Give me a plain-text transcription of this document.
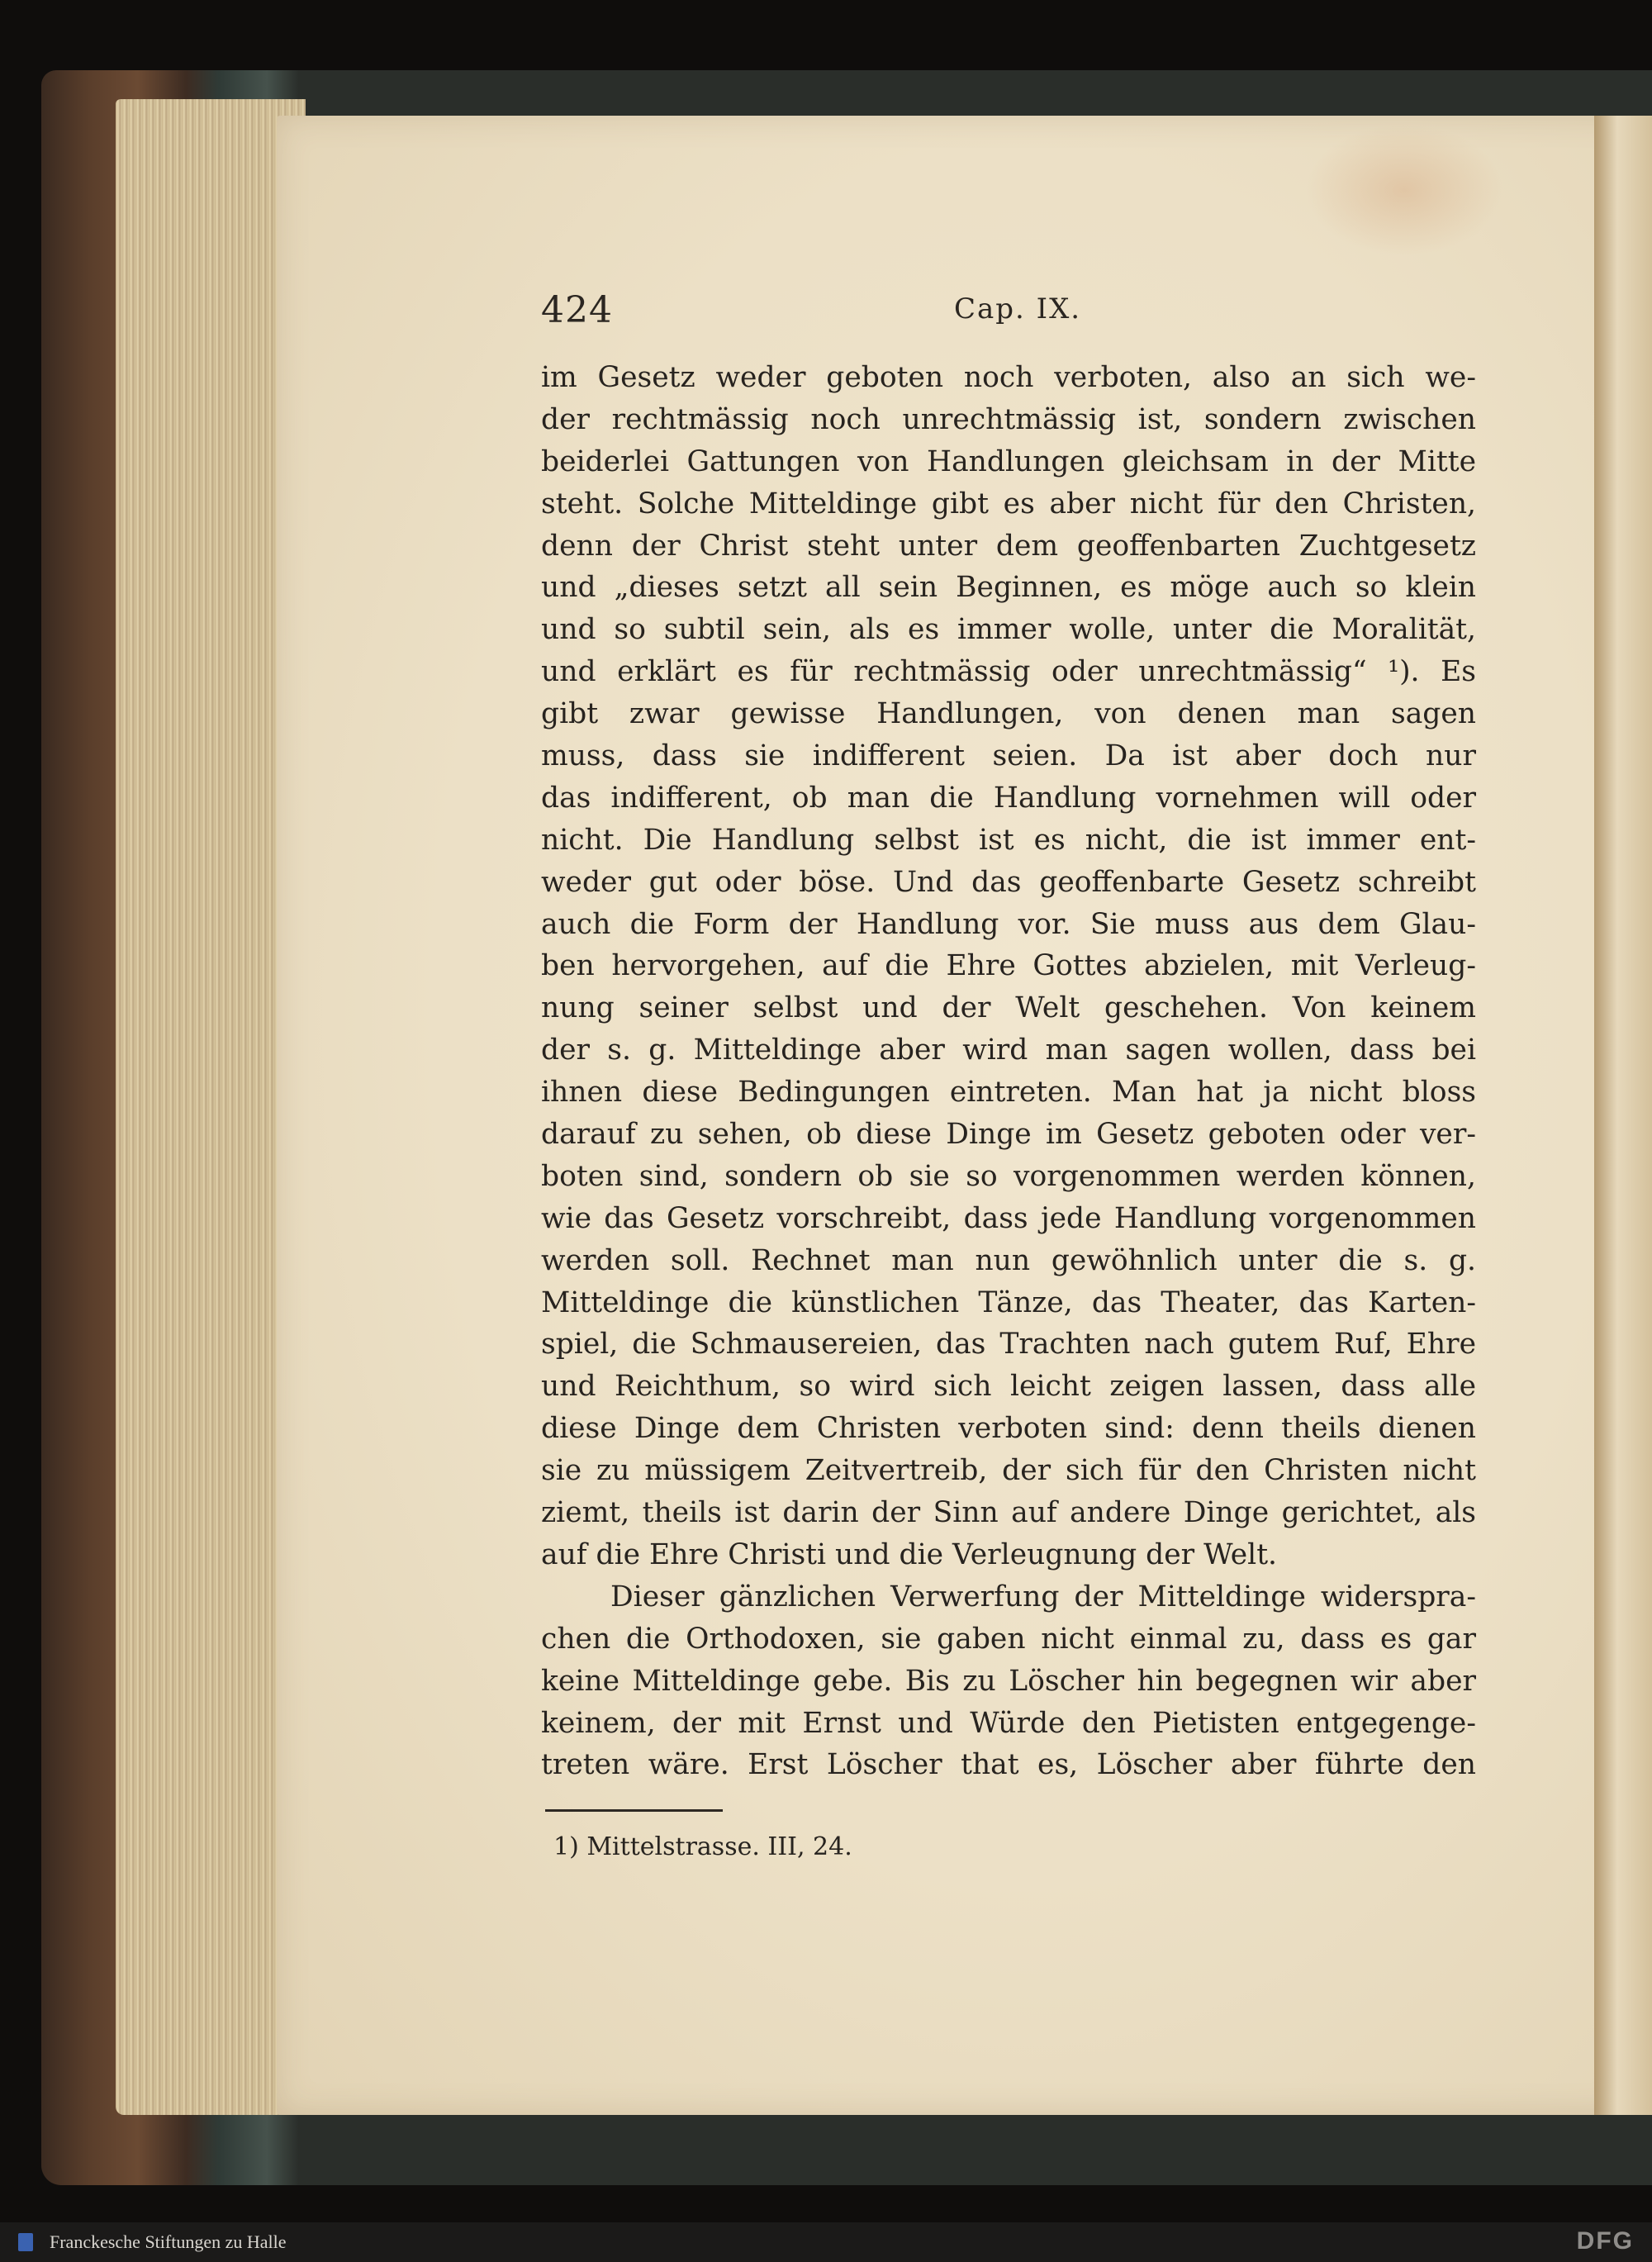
424	Cap. IX.
im Gesetz weder geboten noch verboten, also an sich we-
der rechtmässig noch unrechtmässig ist, sondern zwischen
beiderlei Gattungen von Handlungen gleichsam in der Mitte
steht. Solche Mitteldinge gibt es aber nicht für den Christen,
denn der Christ steht unter dem geoffenbarten Zuchtgesetz
und „dieses setzt all sein Beginnen, es möge auch so klein
und so subtil sein, als es immer wolle, unter die Moralität,
und erklärt es für rechtmässig oder unrechtmässig“ ¹). Es
gibt zwar gewisse Handlungen, von denen man sagen
muss, dass sie indifferent seien. Da ist aber doch nur
das indifferent, ob man die Handlung vornehmen will oder
nicht. Die Handlung selbst ist es nicht, die ist immer ent-
weder gut oder böse. Und das geoffenbarte Gesetz schreibt
auch die Form der Handlung vor. Sie muss aus dem Glau-
ben hervorgehen, auf die Ehre Gottes abzielen, mit Verleug-
nung seiner selbst und der Welt geschehen. Von keinem
der s. g. Mitteldinge aber wird man sagen wollen, dass bei
ihnen diese Bedingungen eintreten. Man hat ja nicht bloss
darauf zu sehen, ob diese Dinge im Gesetz geboten oder ver-
boten sind, sondern ob sie so vorgenommen werden können,
wie das Gesetz vorschreibt, dass jede Handlung vorgenommen
werden soll. Rechnet man nun gewöhnlich unter die s. g.
Mitteldinge die künstlichen Tänze, das Theater, das Karten-
spiel, die Schmausereien, das Trachten nach gutem Ruf, Ehre
und Reichthum, so wird sich leicht zeigen lassen, dass alle
diese Dinge dem Christen verboten sind: denn theils dienen
sie zu müssigem Zeitvertreib, der sich für den Christen nicht
ziemt, theils ist darin der Sinn auf andere Dinge gerichtet, als
auf die Ehre Christi und die Verleugnung der Welt.
Dieser gänzlichen Verwerfung der Mitteldinge widerspra-
chen die Orthodoxen, sie gaben nicht einmal zu, dass es gar
keine Mitteldinge gebe. Bis zu Löscher hin begegnen wir aber
keinem, der mit Ernst und Würde den Pietisten entgegenge-
treten wäre. Erst Löscher that es, Löscher aber führte den
1) Mittelstrasse. III, 24.
Franckesche Stiftungen zu Halle	DFG
